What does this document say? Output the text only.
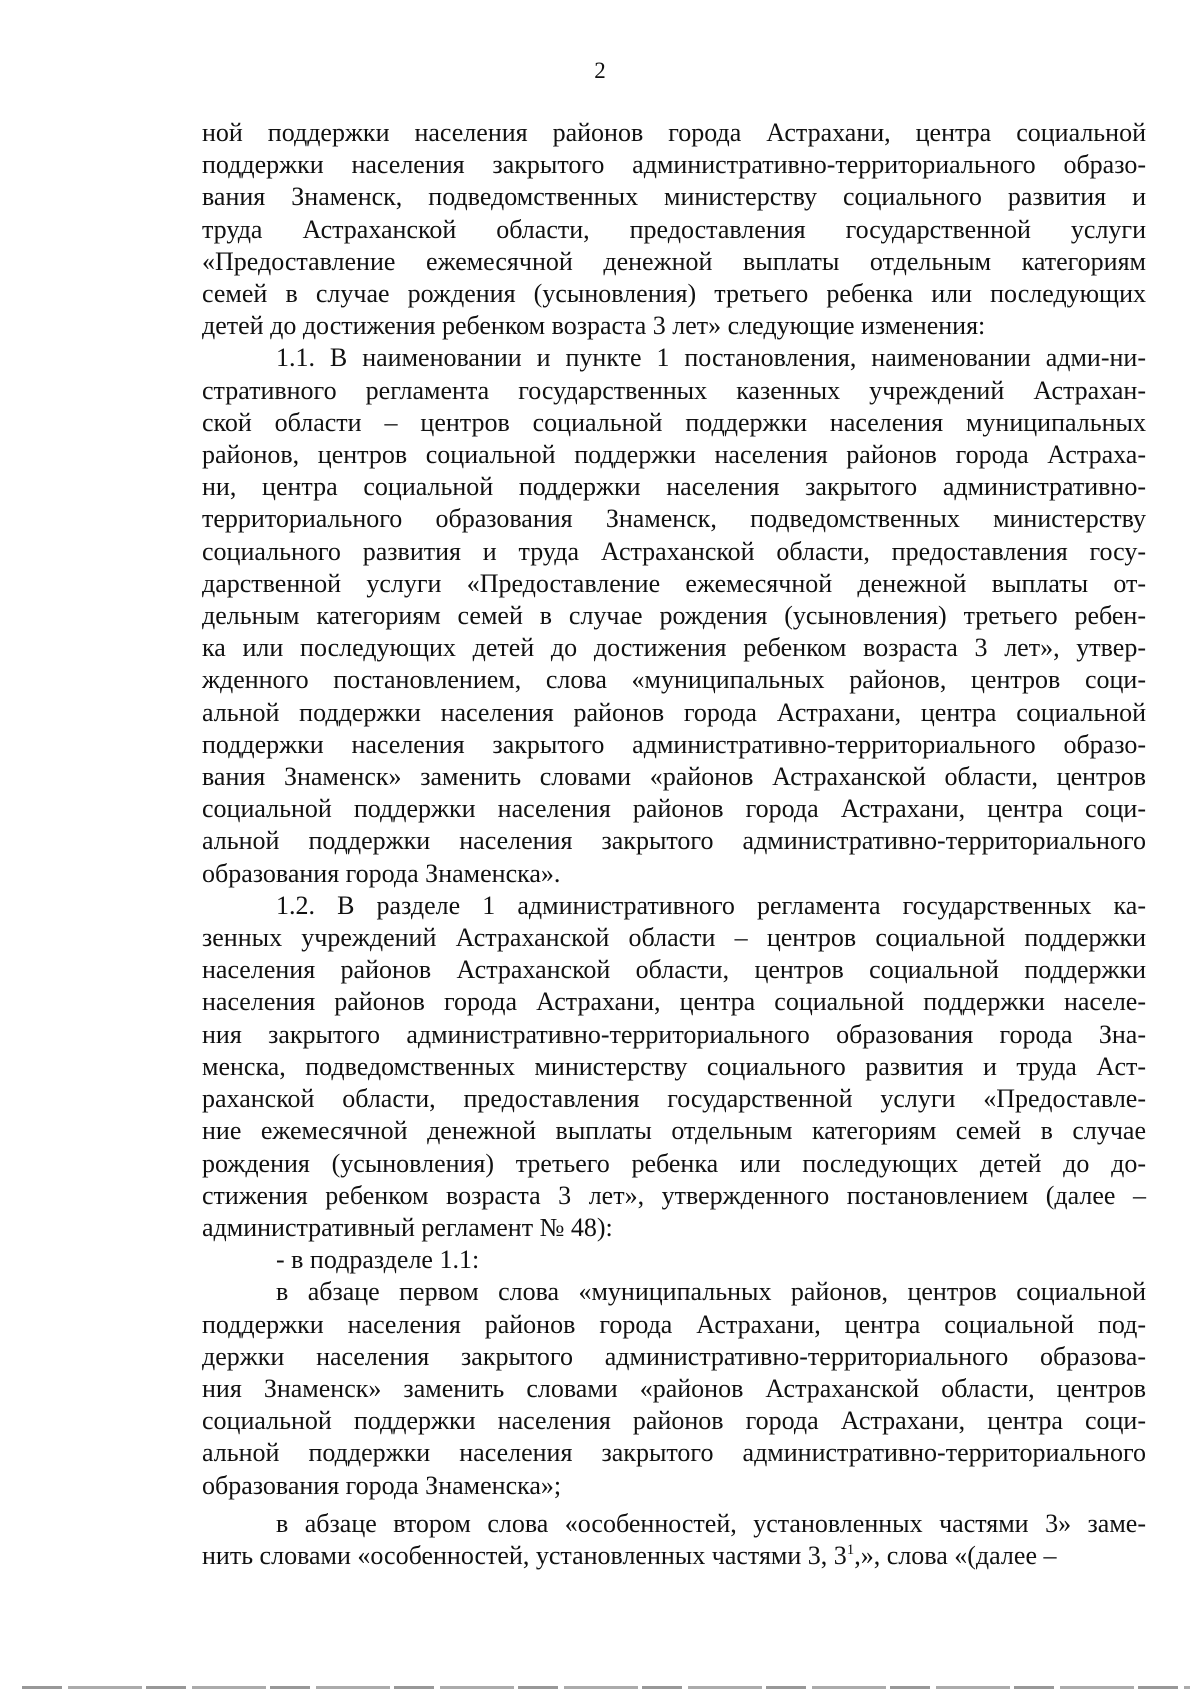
2
ной поддержки населения районов города Астрахани, центра социальной
поддержки населения закрытого административно-территориального образо-
вания Знаменск, подведомственных министерству социального развития и
труда Астраханской области, предоставления государственной услуги
«Предоставление ежемесячной денежной выплаты отдельным категориям
семей в случае рождения (усыновления) третьего ребенка или последующих
детей до достижения ребенком возраста 3 лет» следующие изменения:
1.1. В наименовании и пункте 1 постановления, наименовании адми-ни-
стративного регламента государственных казенных учреждений Астрахан-
ской области – центров социальной поддержки населения муниципальных
районов, центров социальной поддержки населения районов города Астраха-
ни, центра социальной поддержки населения закрытого административно-
территориального образования Знаменск, подведомственных министерству
социального развития и труда Астраханской области, предоставления госу-
дарственной услуги «Предоставление ежемесячной денежной выплаты от-
дельным категориям семей в случае рождения (усыновления) третьего ребен-
ка или последующих детей до достижения ребенком возраста 3 лет», утвер-
жденного постановлением, слова «муниципальных районов, центров соци-
альной поддержки населения районов города Астрахани, центра социальной
поддержки населения закрытого административно-территориального образо-
вания Знаменск» заменить словами «районов Астраханской области, центров
социальной поддержки населения районов города Астрахани, центра соци-
альной поддержки населения закрытого административно-территориального
образования города Знаменска».
1.2. В разделе 1 административного регламента государственных ка-
зенных учреждений Астраханской области – центров социальной поддержки
населения районов Астраханской области, центров социальной поддержки
населения районов города Астрахани, центра социальной поддержки населе-
ния закрытого административно-территориального образования города Зна-
менска, подведомственных министерству социального развития и труда Аст-
раханской области, предоставления государственной услуги «Предоставле-
ние ежемесячной денежной выплаты отдельным категориям семей в случае
рождения (усыновления) третьего ребенка или последующих детей до до-
стижения ребенком возраста 3 лет», утвержденного постановлением (далее –
административный регламент № 48):
- в подразделе 1.1:
в абзаце первом слова «муниципальных районов, центров социальной
поддержки населения районов города Астрахани, центра социальной под-
держки населения закрытого административно-территориального образова-
ния Знаменск» заменить словами «районов Астраханской области, центров
социальной поддержки населения районов города Астрахани, центра соци-
альной поддержки населения закрытого административно-территориального
образования города Знаменска»;
в абзаце втором слова «особенностей, установленных частями 3» заме-
нить словами «особенностей, установленных частями 3, $3^1$,», слова «(далее –
